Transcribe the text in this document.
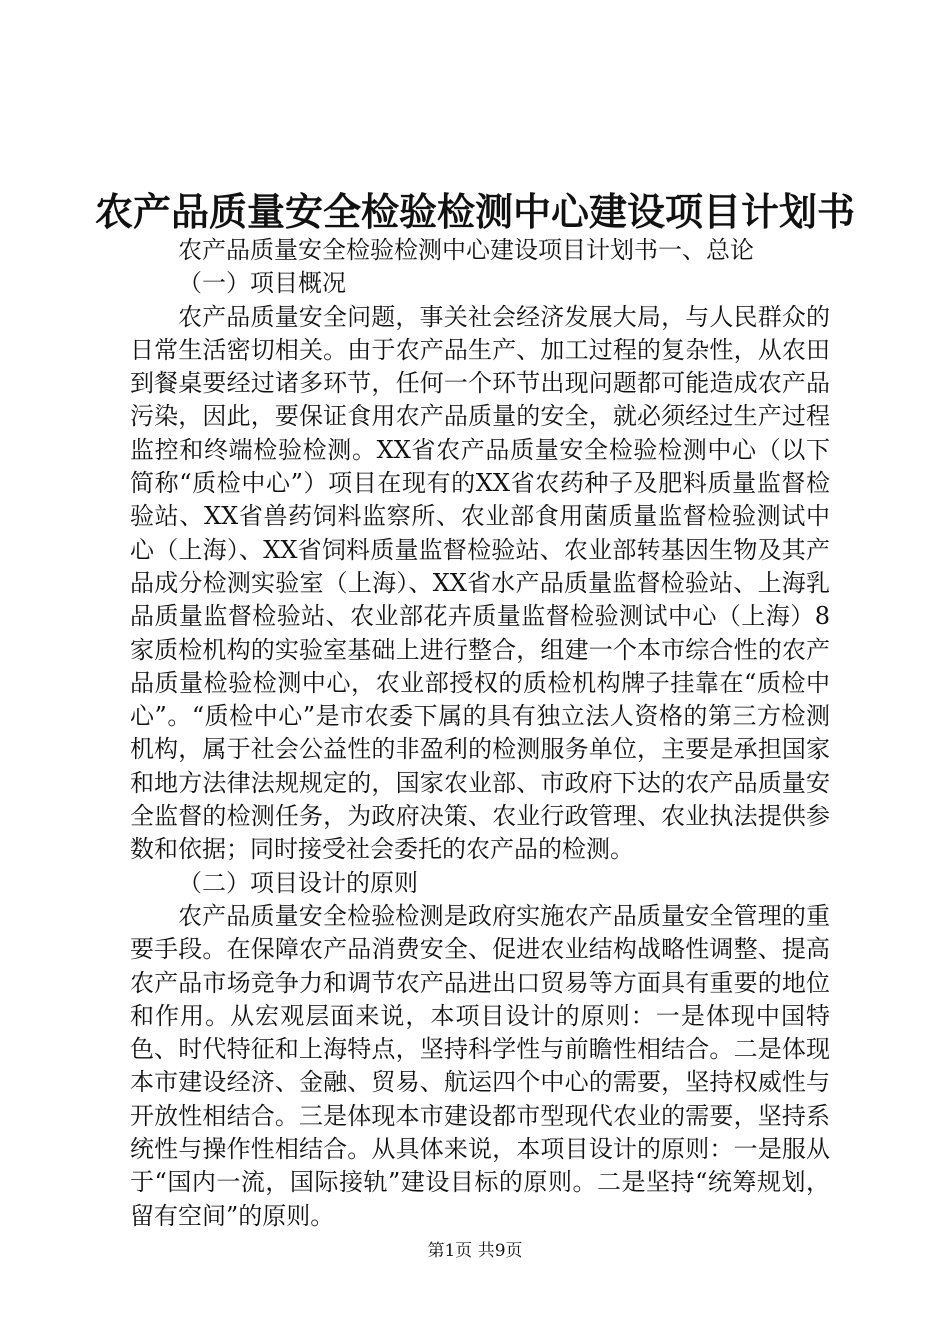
农产品质量安全检验检测中心建设项目计划书

农产品质量安全检验检测中心建设项目计划书一、总论

（一）项目概况

农产品质量安全问题，事关社会经济发展大局，与人民群众的日常生活密切相关。由于农产品生产、加工过程的复杂性，从农田到餐桌要经过诸多环节，任何一个环节出现问题都可能造成农产品污染，因此，要保证食用农产品质量的安全，就必须经过生产过程监控和终端检验检测。XX省农产品质量安全检验检测中心（以下简称“质检中心”）项目在现有的XX省农药种子及肥料质量监督检验站、XX省兽药饲料监察所、农业部食用菌质量监督检验测试中心（上海）、XX省饲料质量监督检验站、农业部转基因生物及其产品成分检测实验室（上海）、XX省水产品质量监督检验站、上海乳品质量监督检验站、农业部花卉质量监督检验测试中心（上海）8家质检机构的实验室基础上进行整合，组建一个本市综合性的农产品质量检验检测中心，农业部授权的质检机构牌子挂靠在“质检中心”。“质检中心”是市农委下属的具有独立法人资格的第三方检测机构，属于社会公益性的非盈利的检测服务单位，主要是承担国家和地方法律法规规定的，国家农业部、市政府下达的农产品质量安全监督的检测任务，为政府决策、农业行政管理、农业执法提供参数和依据；同时接受社会委托的农产品的检测。

（二）项目设计的原则

农产品质量安全检验检测是政府实施农产品质量安全管理的重要手段。在保障农产品消费安全、促进农业结构战略性调整、提高农产品市场竞争力和调节农产品进出口贸易等方面具有重要的地位和作用。从宏观层面来说，本项目设计的原则：一是体现中国特色、时代特征和上海特点，坚持科学性与前瞻性相结合。二是体现本市建设经济、金融、贸易、航运四个中心的需要，坚持权威性与开放性相结合。三是体现本市建设都市型现代农业的需要，坚持系统性与操作性相结合。从具体来说，本项目设计的原则：一是服从于“国内一流，国际接轨”建设目标的原则。二是坚持“统筹规划，留有空间”的原则。

第1页 共9页
